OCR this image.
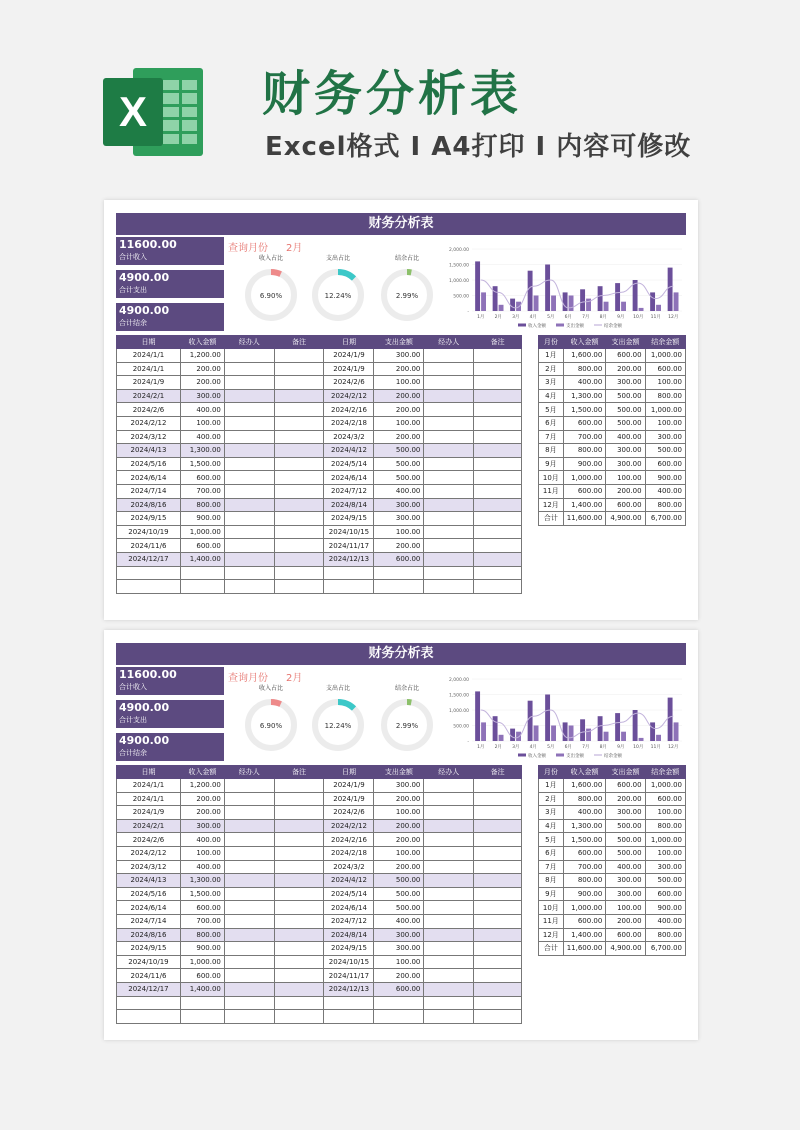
X	财务分析表
Excel格式 I A4打印 I 内容可修改
财务分析表
11600.00
合计收入
4900.00
合计支出
4900.00
合计结余
查询月份 2月
收入占比
6.90%
支出占比
12.24%
结余占比
2.99%
2,000.00
1,500.00
1,000.00
500.00
-
1月 2月 3月 4月 5月 6月 7月 8月 9月 10月 11月 12月
收入金额	支出金额	结余金额
日期	收入金额	经办人	备注	日期	支出金额	经办人	备注
2024/1/1	1,200.00			2024/1/9	300.00		
2024/1/1	200.00			2024/1/9	200.00		
2024/1/9	200.00			2024/2/6	100.00		
2024/2/1	300.00			2024/2/12	200.00		
2024/2/6	400.00			2024/2/16	200.00		
2024/2/12	100.00			2024/2/18	100.00		
2024/3/12	400.00			2024/3/2	200.00		
2024/4/13	1,300.00			2024/4/12	500.00		
2024/5/16	1,500.00			2024/5/14	500.00		
2024/6/14	600.00			2024/6/14	500.00		
2024/7/14	700.00			2024/7/12	400.00		
2024/8/16	800.00			2024/8/14	300.00		
2024/9/15	900.00			2024/9/15	300.00		
2024/10/19	1,000.00			2024/10/15	100.00		
2024/11/6	600.00			2024/11/17	200.00		
2024/12/17	1,400.00			2024/12/13	600.00		

月份	收入金额	支出金额	结余金额
1月	1,600.00	600.00	1,000.00
2月	800.00	200.00	600.00
3月	400.00	300.00	100.00
4月	1,300.00	500.00	800.00
5月	1,500.00	500.00	1,000.00
6月	600.00	500.00	100.00
7月	700.00	400.00	300.00
8月	800.00	300.00	500.00
9月	900.00	300.00	600.00
10月	1,000.00	100.00	900.00
11月	600.00	200.00	400.00
12月	1,400.00	600.00	800.00
合计	11,600.00	4,900.00	6,700.00
财务分析表
11600.00
合计收入
4900.00
合计支出
4900.00
合计结余
查询月份 2月
收入占比
6.90%
支出占比
12.24%
结余占比
2.99%
2,000.00
1,500.00
1,000.00
500.00
-
1月 2月 3月 4月 5月 6月 7月 8月 9月 10月 11月 12月
收入金额	支出金额	结余金额
日期	收入金额	经办人	备注	日期	支出金额	经办人	备注
2024/1/1	1,200.00			2024/1/9	300.00		
2024/1/1	200.00			2024/1/9	200.00		
2024/1/9	200.00			2024/2/6	100.00		
2024/2/1	300.00			2024/2/12	200.00		
2024/2/6	400.00			2024/2/16	200.00		
2024/2/12	100.00			2024/2/18	100.00		
2024/3/12	400.00			2024/3/2	200.00		
2024/4/13	1,300.00			2024/4/12	500.00		
2024/5/16	1,500.00			2024/5/14	500.00		
2024/6/14	600.00			2024/6/14	500.00		
2024/7/14	700.00			2024/7/12	400.00		
2024/8/16	800.00			2024/8/14	300.00		
2024/9/15	900.00			2024/9/15	300.00		
2024/10/19	1,000.00			2024/10/15	100.00		
2024/11/6	600.00			2024/11/17	200.00		
2024/12/17	1,400.00			2024/12/13	600.00		

月份	收入金额	支出金额	结余金额
1月	1,600.00	600.00	1,000.00
2月	800.00	200.00	600.00
3月	400.00	300.00	100.00
4月	1,300.00	500.00	800.00
5月	1,500.00	500.00	1,000.00
6月	600.00	500.00	100.00
7月	700.00	400.00	300.00
8月	800.00	300.00	500.00
9月	900.00	300.00	600.00
10月	1,000.00	100.00	900.00
11月	600.00	200.00	400.00
12月	1,400.00	600.00	800.00
合计	11,600.00	4,900.00	6,700.00
